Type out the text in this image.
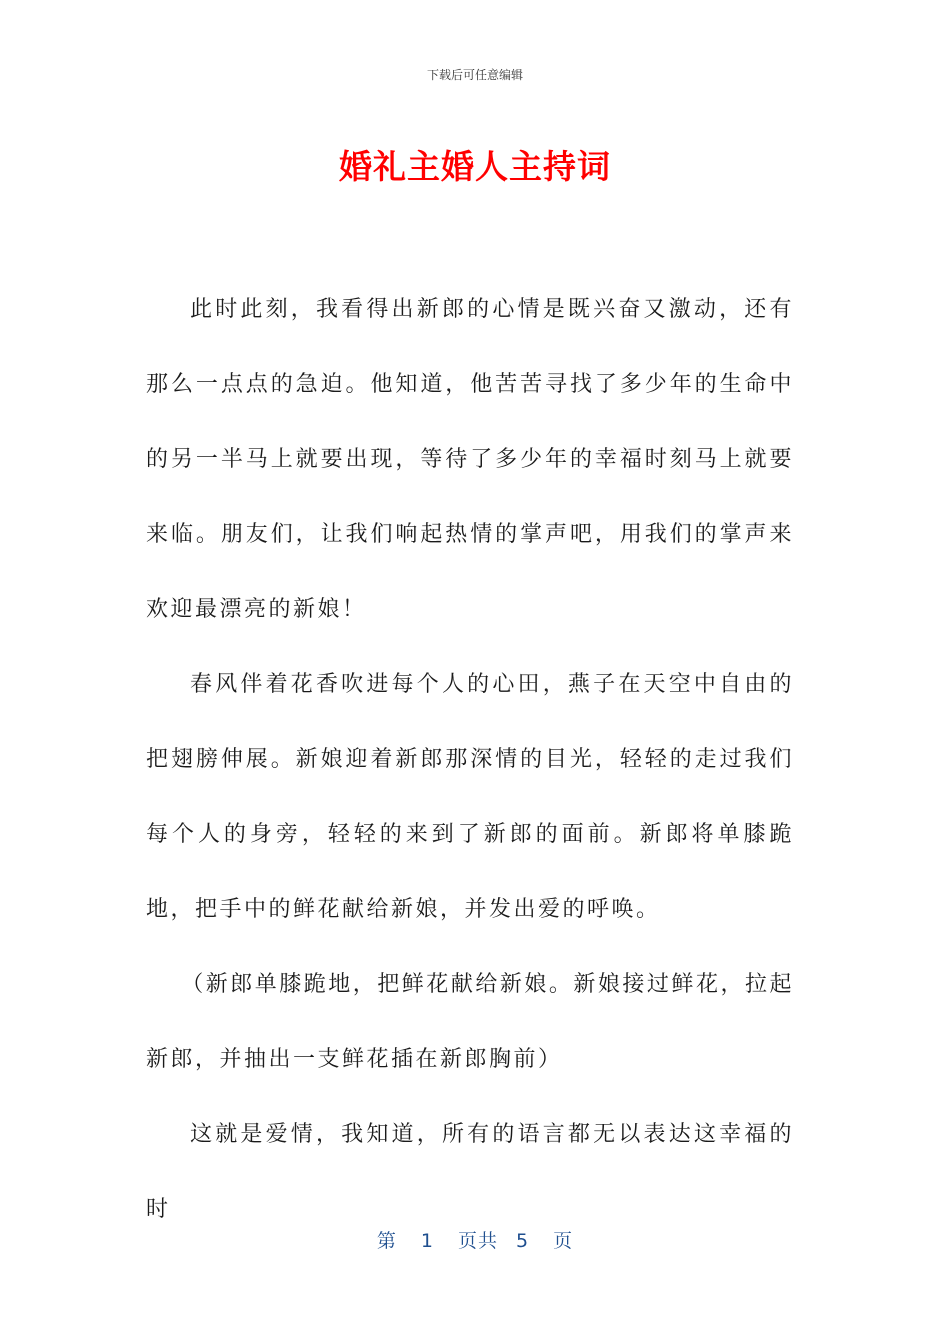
下载后可任意编辑
婚礼主婚人主持词

此时此刻，我看得出新郎的心情是既兴奋又激动，还有那么一点点的急迫。他知道，他苦苦寻找了多少年的生命中的另一半马上就要出现，等待了多少年的幸福时刻马上就要来临。朋友们，让我们响起热情的掌声吧，用我们的掌声来欢迎最漂亮的新娘！

春风伴着花香吹进每个人的心田，燕子在天空中自由的把翅膀伸展。新娘迎着新郎那深情的目光，轻轻的走过我们每个人的身旁，轻轻的来到了新郎的面前。新郎将单膝跪地，把手中的鲜花献给新娘，并发出爱的呼唤。

（新郎单膝跪地，把鲜花献给新娘。新娘接过鲜花，拉起新郎，并抽出一支鲜花插在新郎胸前）

这就是爱情，我知道，所有的语言都无以表达这幸福的时

第 1 页共 5 页
